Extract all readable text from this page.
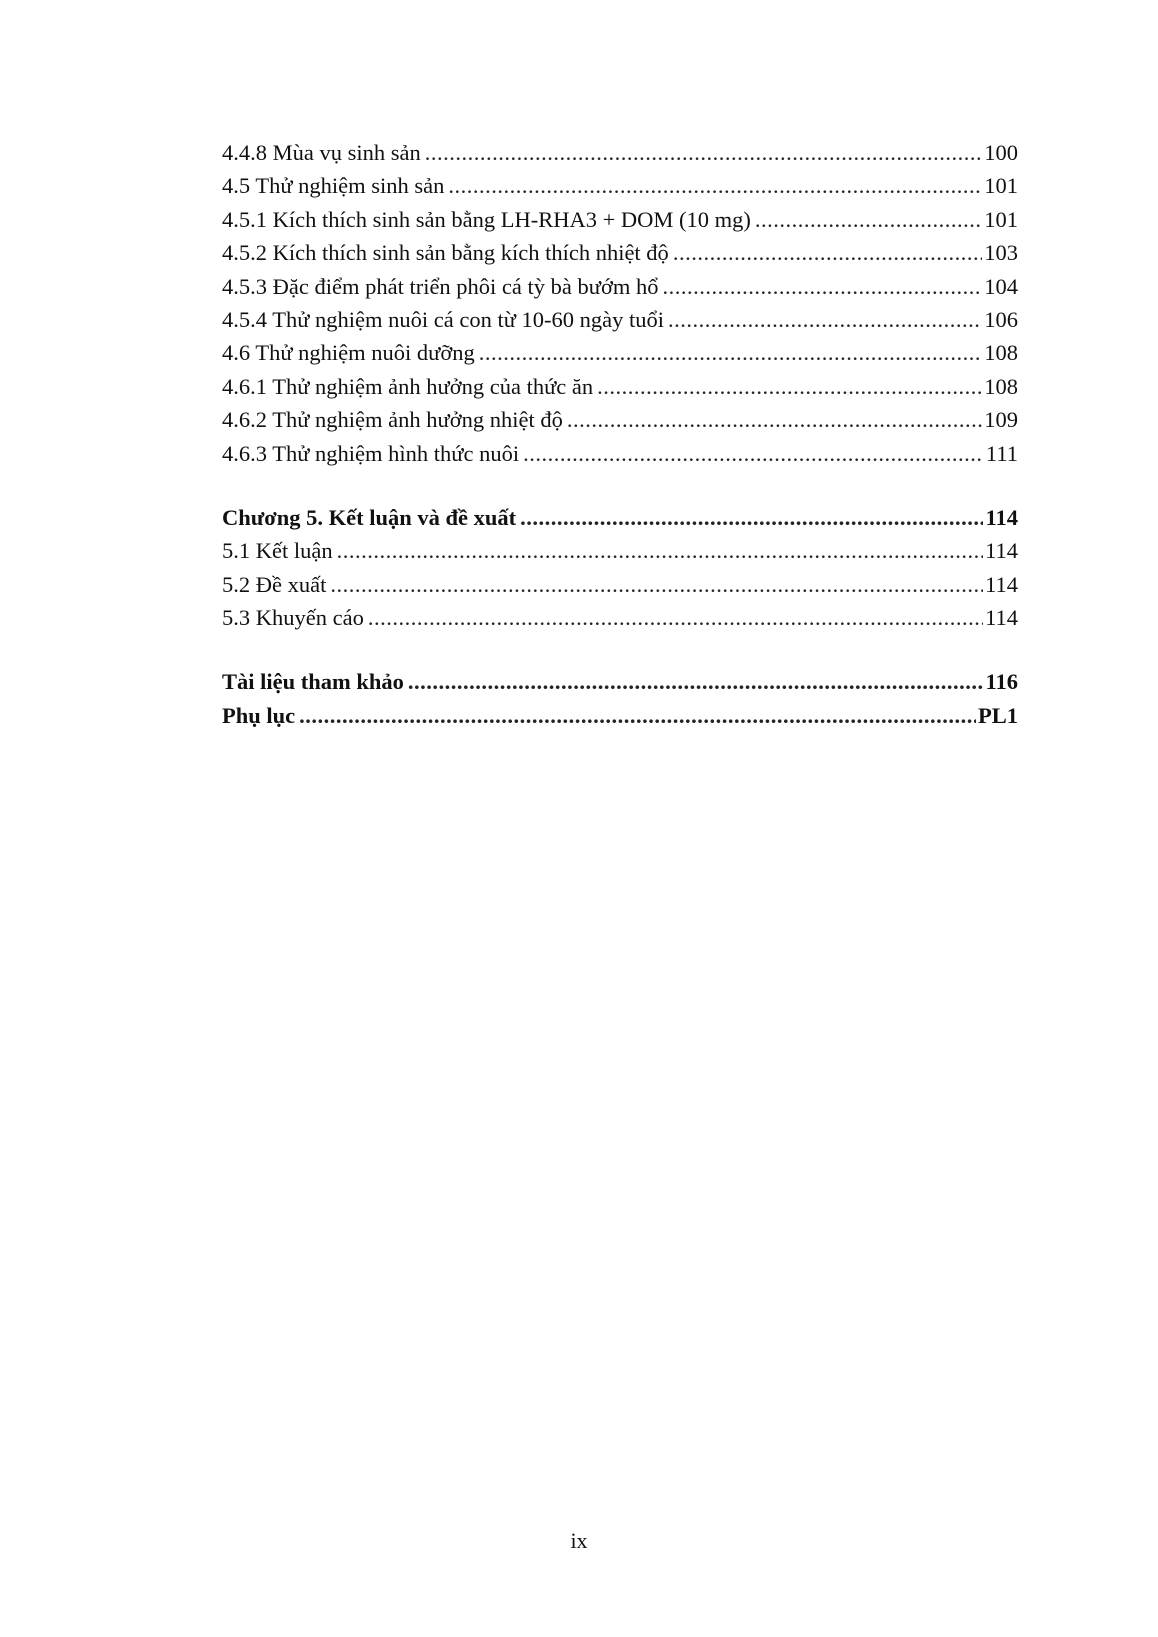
4.4.8 Mùa vụ sinh sản .....	100
4.5 Thử nghiệm sinh sản .....	101
4.5.1 Kích thích sinh sản bằng LH-RHA3 + DOM (10 mg) .....	101
4.5.2 Kích thích sinh sản bằng kích thích nhiệt độ .....	103
4.5.3 Đặc điểm phát triển phôi cá tỳ bà bướm hổ .....	104
4.5.4 Thử nghiệm nuôi cá con từ 10-60 ngày tuổi .....	106
4.6 Thử nghiệm nuôi dưỡng .....	108
4.6.1 Thử nghiệm ảnh hưởng của thức ăn .....	108
4.6.2 Thử nghiệm ảnh hưởng nhiệt độ .....	109
4.6.3 Thử nghiệm hình thức nuôi .....	111
Chương 5. Kết luận và đề xuất .....	114
5.1 Kết luận .....	114
5.2 Đề xuất .....	114
5.3 Khuyến cáo .....	114
Tài liệu tham khảo .....	116
Phụ lục .....	PL1
ix
